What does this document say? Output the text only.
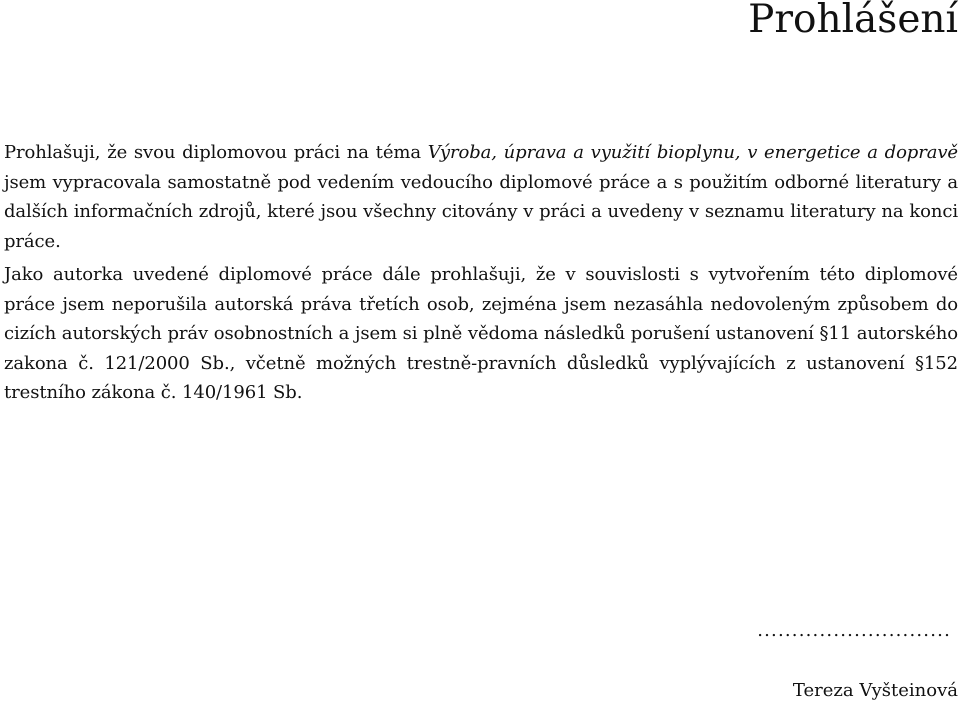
Prohlášení

Prohlašuji, že svou diplomovou práci na téma Výroba, úprava a využití bioplynu, v energetice a dopravě jsem vypracovala samostatně pod vedením vedoucího diplomové práce a s použitím odborné literatury a dalších informačních zdrojů, které jsou všechny citovány v práci a uvedeny v seznamu literatury na konci práce.

Jako autorka uvedené diplomové práce dále prohlašuji, že v souvislosti s vytvořením této diplomové práce jsem neporušila autorská práva třetích osob, zejména jsem nezasáhla nedovoleným způsobem do cizích autorských práv osobnostních a jsem si plně vědoma následků porušení ustanovení §11 autorského zakona č. 121/2000 Sb., včetně možných trestně-pravních důsledků vyplývajících z ustanovení §152 trestního zákona č. 140/1961 Sb.

............................

Tereza Vyšteinová
